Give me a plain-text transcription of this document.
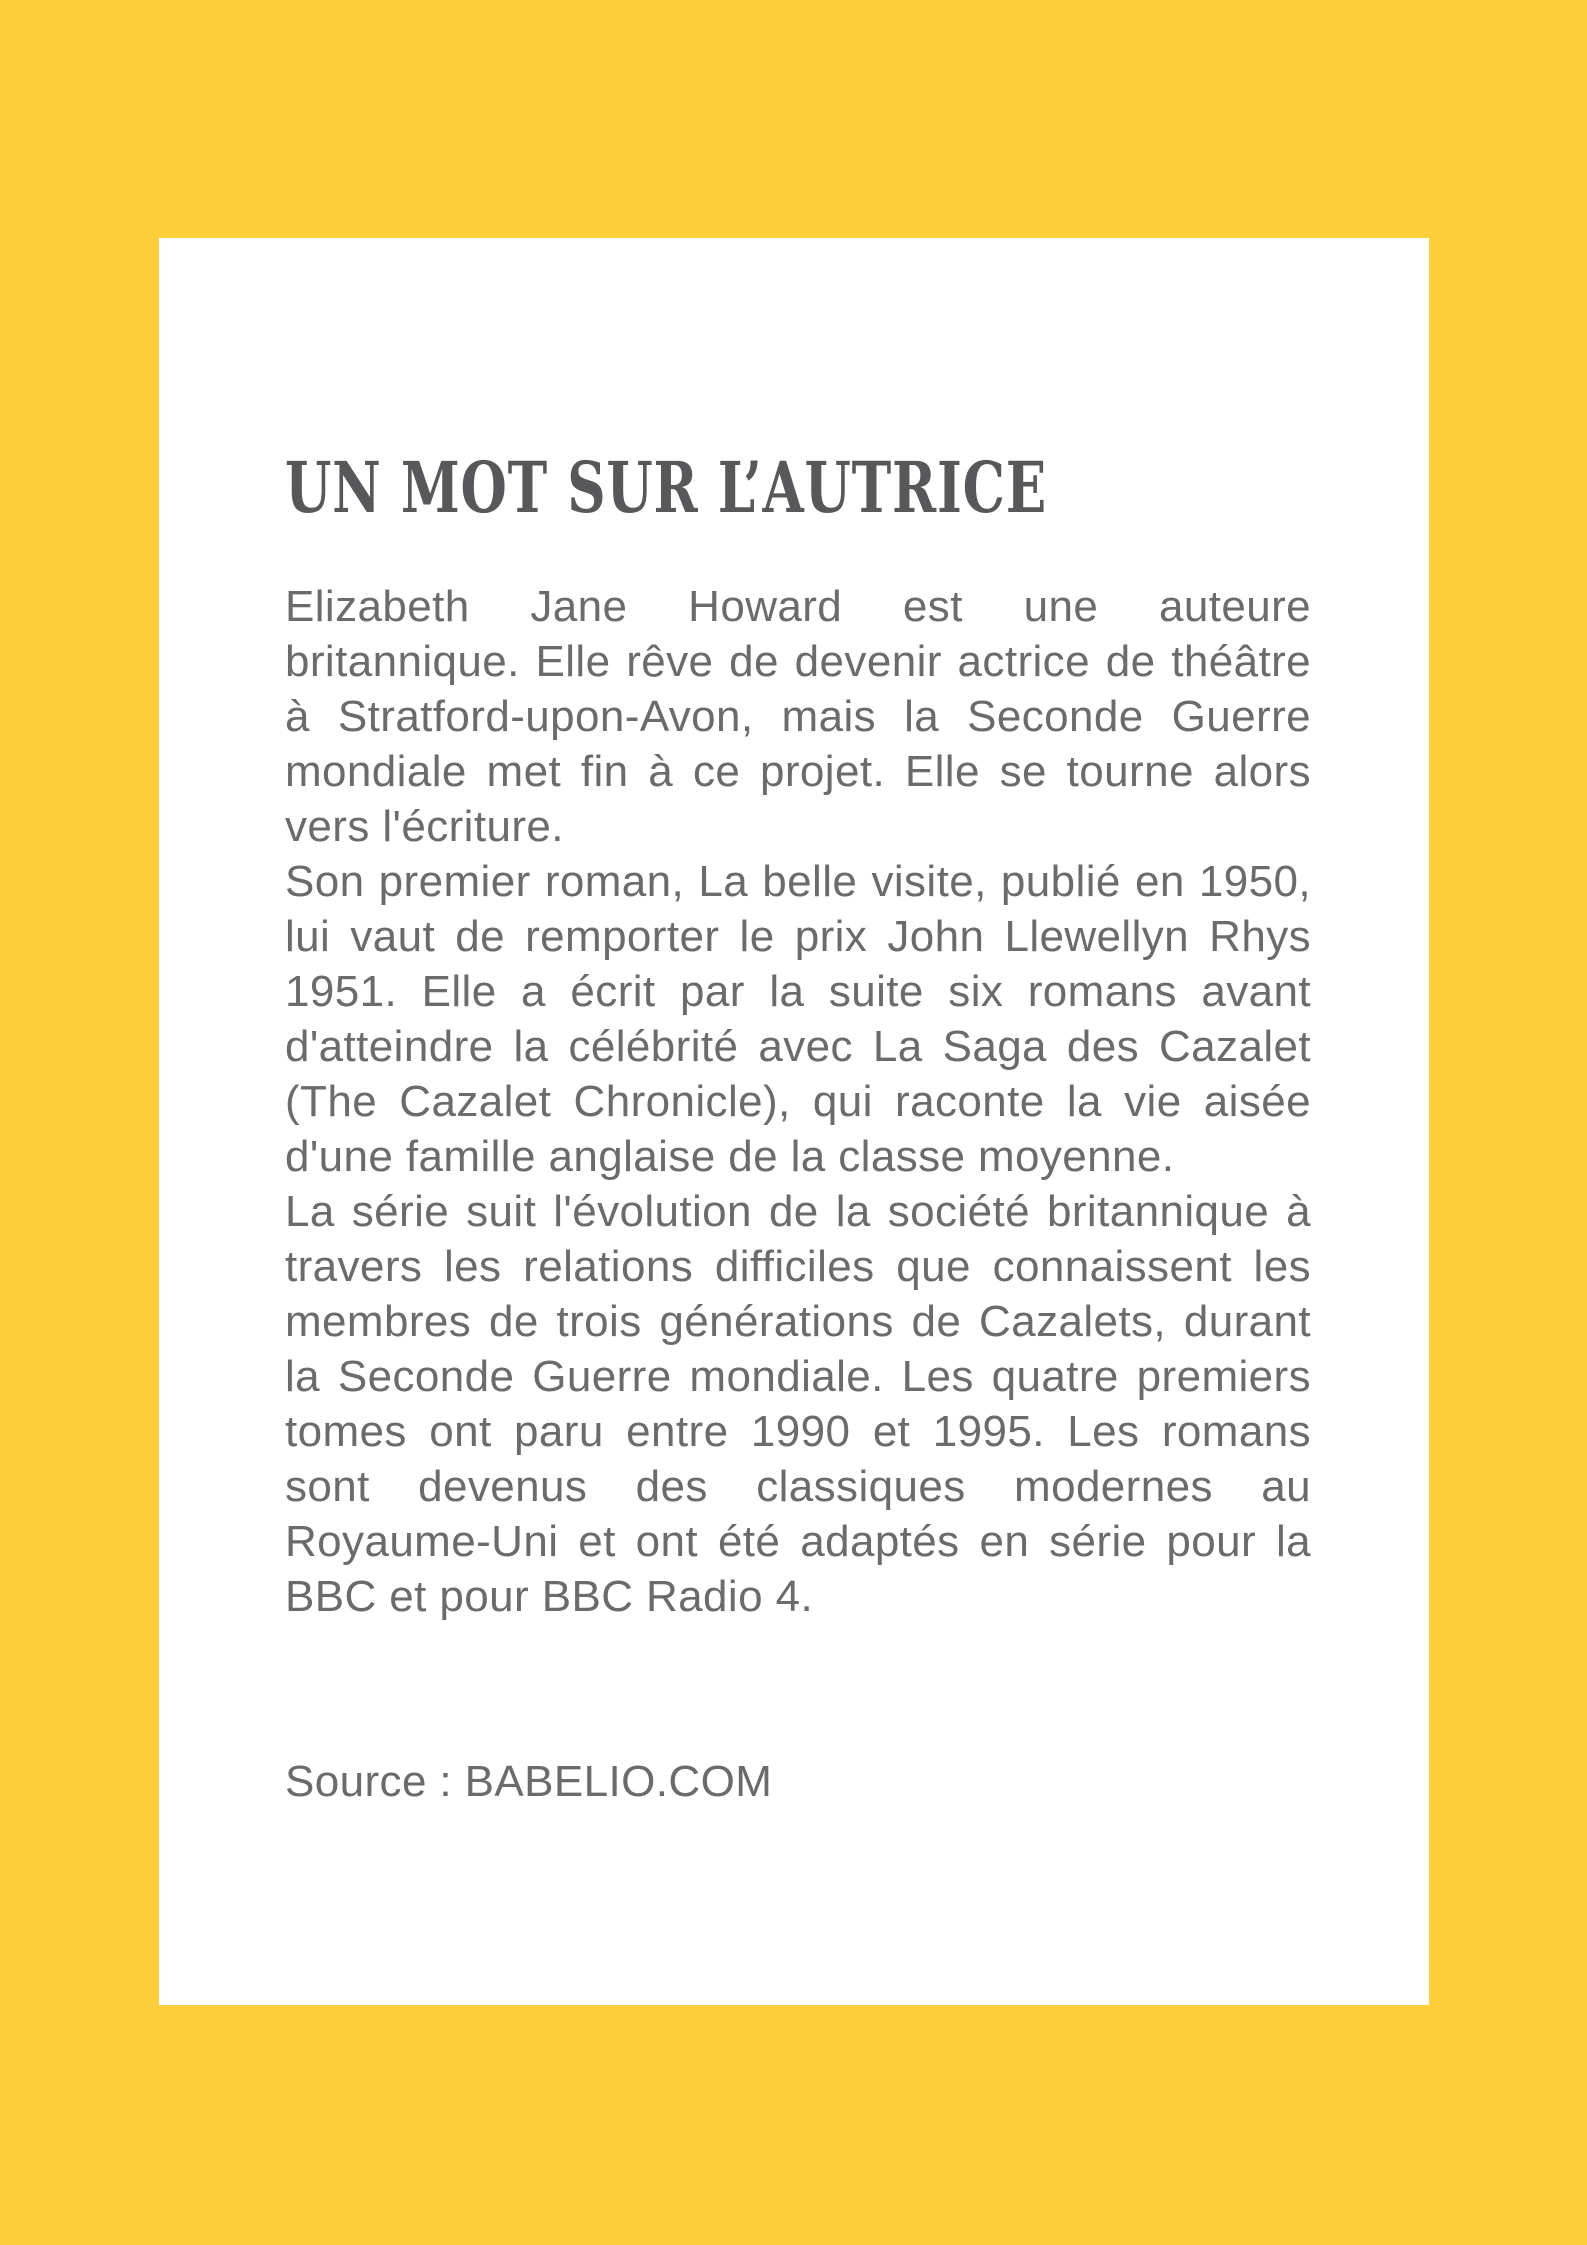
UN MOT SUR L’AUTRICE

Elizabeth Jane Howard est une auteure britannique. Elle rêve de devenir actrice de théâtre à Stratford-upon-Avon, mais la Seconde Guerre mondiale met fin à ce projet. Elle se tourne alors vers l'écriture.

Son premier roman, La belle visite, publié en 1950, lui vaut de remporter le prix John Llewellyn Rhys 1951. Elle a écrit par la suite six romans avant d'atteindre la célébrité avec La Saga des Cazalet (The Cazalet Chronicle), qui raconte la vie aisée d'une famille anglaise de la classe moyenne.

La série suit l'évolution de la société britannique à travers les relations difficiles que connaissent les membres de trois générations de Cazalets, durant la Seconde Guerre mondiale. Les quatre premiers tomes ont paru entre 1990 et 1995. Les romans sont devenus des classiques modernes au Royaume-Uni et ont été adaptés en série pour la BBC et pour BBC Radio 4.

Source : BABELIO.COM
